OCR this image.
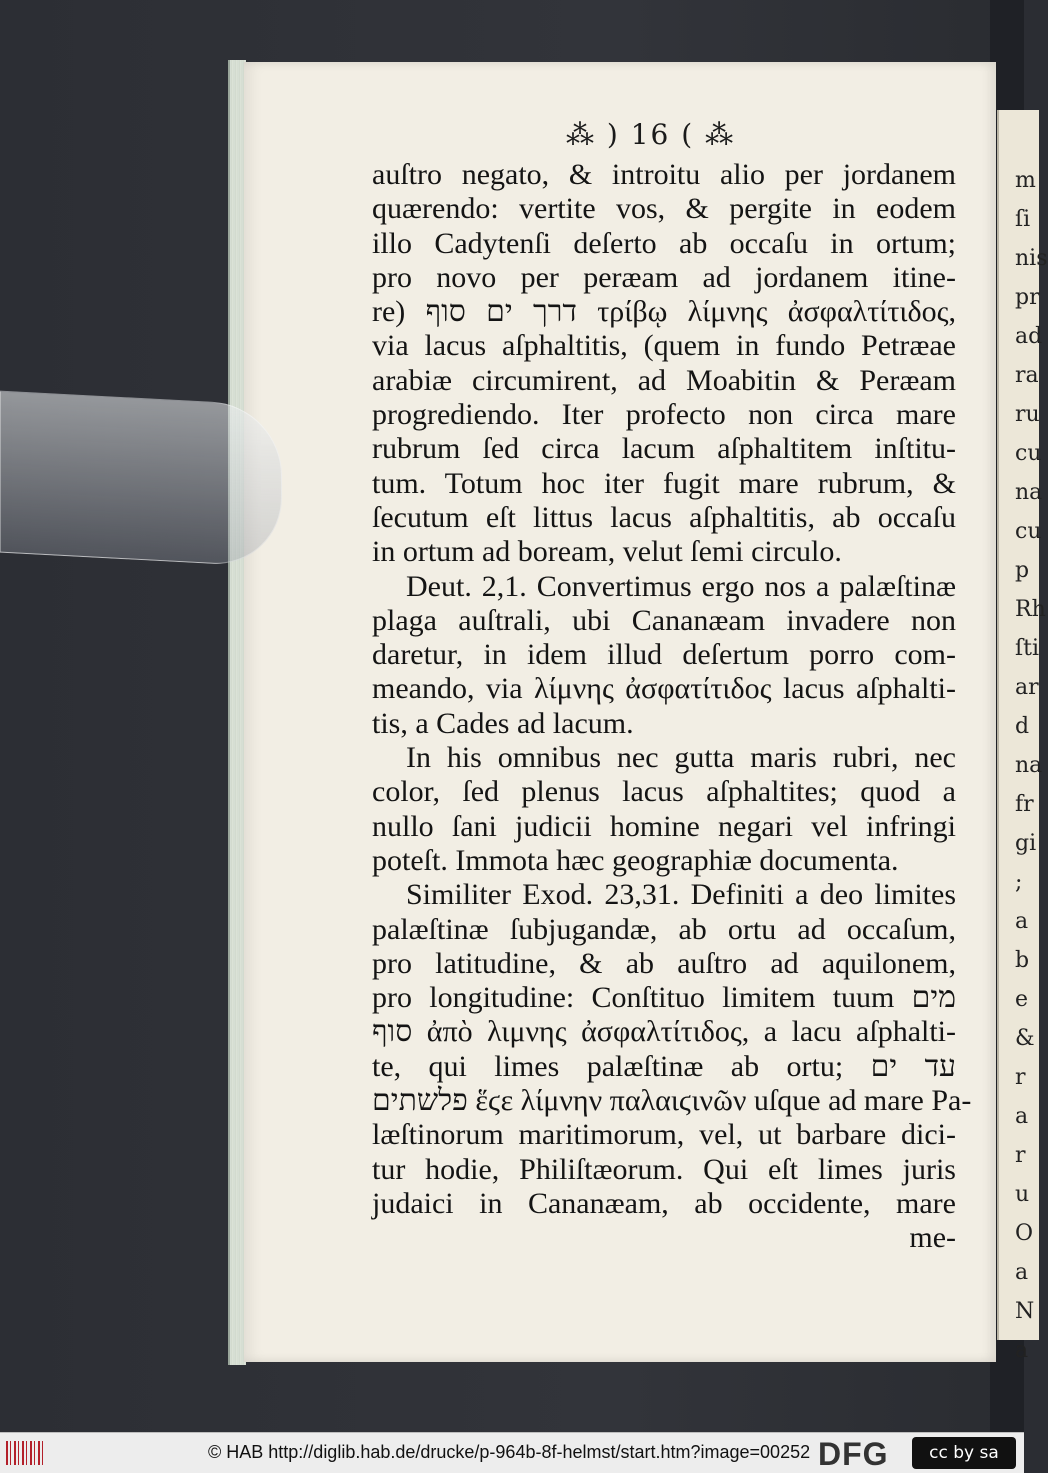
m
ſi
nis
pr
ad
ra
ru
cu
na
cu
p
Rh
ſti
ar
d
na
fr
gi
;
a
b
e
&
r
a
r
u
O
a
N
a
⁂ ) 16 ( ⁂
auſtro negato, & introitu alio per jordanem
quærendo: vertite vos, & pergite in eodem
illo Cadytenſi deſerto ab occaſu in ortum;
pro novo per peræam ad jordanem itine-
re) דרך ים סוף τρίβῳ λίμνης ἀσφαλτίτιδος,
via lacus aſphaltitis, (quem in fundo Petræae
arabiæ circumirent, ad Moabitin & Peræam
progrediendo. Iter profecto non circa mare
rubrum ſed circa lacum aſphaltitem inſtitu-
tum. Totum hoc iter fugit mare rubrum, &
ſecutum eſt littus lacus aſphaltitis, ab occaſu
in ortum ad boream, velut ſemi circulo.
Deut. 2,1. Convertimus ergo nos a palæſtinæ
plaga auſtrali, ubi Cananæam invadere non
daretur, in idem illud deſertum porro com-
meando, via λίμνης ἀσφατίτιδος lacus aſphalti-
tis, a Cades ad lacum.
In his omnibus nec gutta maris rubri, nec
color, ſed plenus lacus aſphaltites; quod a
nullo ſani judicii homine negari vel infringi
poteſt. Immota hæc geographiæ documenta.
Similiter Exod. 23,31. Definiti a deo limites
palæſtinæ ſubjugandæ, ab ortu ad occaſum,
pro latitudine, & ab auſtro ad aquilonem,
pro longitudine: Conſtituo limitem tuum מים
סוף ἀπὸ λιμνης ἀσφαλτίτιδος, a lacu aſphalti-
te, qui limes palæſtinæ ab ortu; עד ים
פלשתים ἕϛε λίμνην παλαιϛινῶν uſque ad mare Pa-
læſtinorum maritimorum, vel, ut barbare dici-
tur hodie, Philiſtæorum. Qui eſt limes juris
judaici in Cananæam, ab occidente, mare
me-
© HAB http://diglib.hab.de/drucke/p-964b-8f-helmst/start.htm?image=00252 DFG cc by sa
